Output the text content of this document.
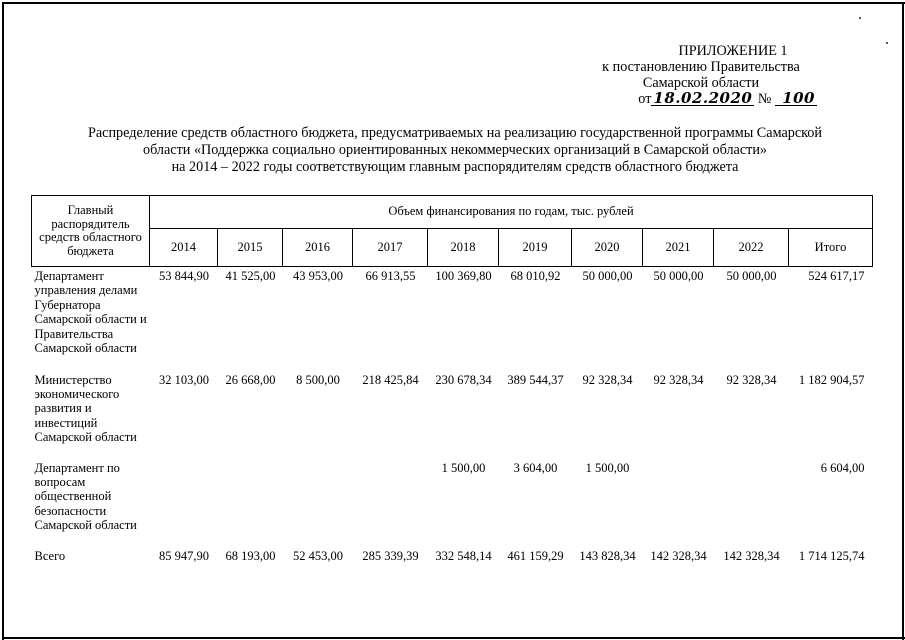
ПРИЛОЖЕНИЕ 1
к постановлению Правительства
Самарской области
от 18.02.2020 № 100
Распределение средств областного бюджета, предусматриваемых на реализацию государственной программы Самарской
области «Поддержка социально ориентированных некоммерческих организаций в Самарской области»
на 2014 – 2022 годы соответствующим главным распорядителям средств областного бюджета
Главный распорядитель средств областного бюджета	Объем финансирования по годам, тыс. рублей									
	2014	2015	2016	2017	2018	2019	2020	2021	2022	Итого
Департамент управления делами Губернатора Самарской области и Правительства Самарской области	53 844,90	41 525,00	43 953,00	66 913,55	100 369,80	68 010,92	50 000,00	50 000,00	50 000,00	524 617,17
Министерство экономического развития и инвестиций Самарской области	32 103,00	26 668,00	8 500,00	218 425,84	230 678,34	389 544,37	92 328,34	92 328,34	92 328,34	1 182 904,57
Департамент по вопросам общественной безопасности Самарской области					1 500,00	3 604,00	1 500,00			6 604,00
Всего	85 947,90	68 193,00	52 453,00	285 339,39	332 548,14	461 159,29	143 828,34	142 328,34	142 328,34	1 714 125,74
